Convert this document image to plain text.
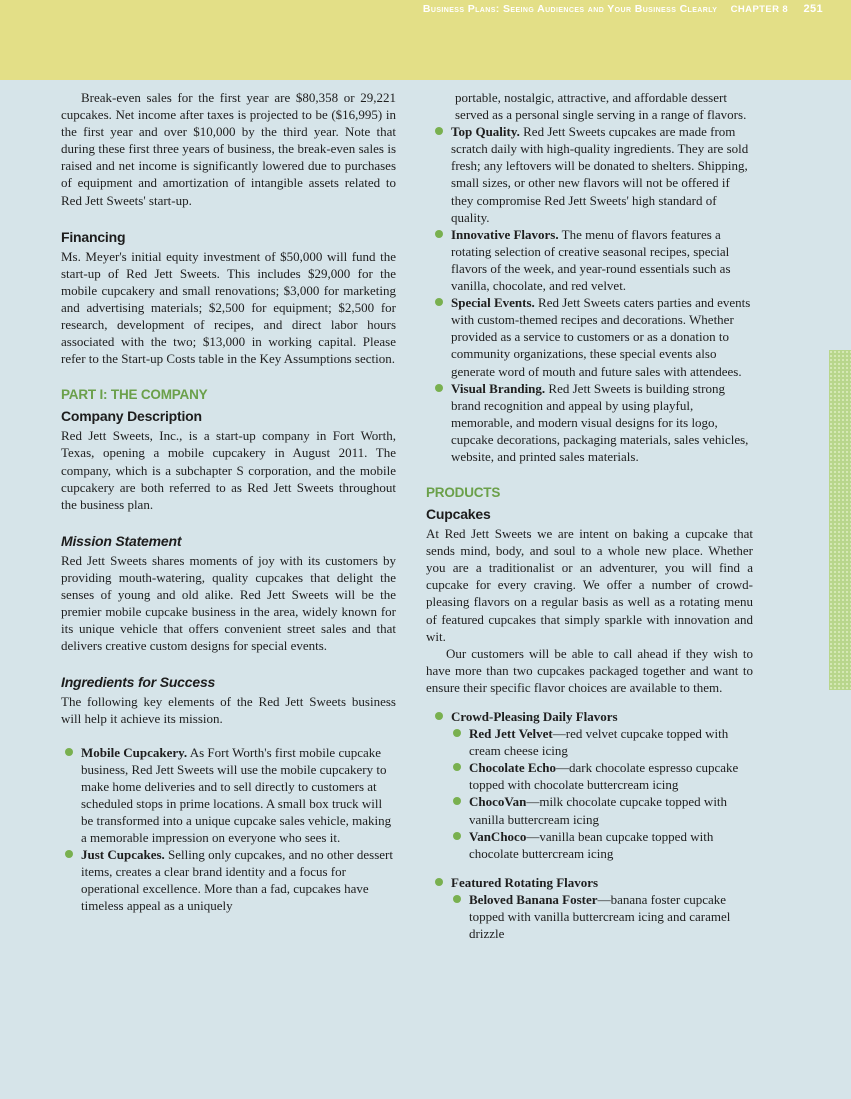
Business Plans: Seeing Audiences and Your Business Clearly CHAPTER 8 251

Break-even sales for the first year are $80,358 or 29,221 cupcakes. Net income after taxes is projected to be ($16,995) in the first year and over $10,000 by the third year. Note that during these first three years of business, the break-even sales is raised and net income is significantly lowered due to purchases of equipment and amortization of intangible assets related to Red Jett Sweets' start-up.

Financing

Ms. Meyer's initial equity investment of $50,000 will fund the start-up of Red Jett Sweets. This includes $29,000 for the mobile cupcakery and small renovations; $3,000 for marketing and advertising materials; $2,500 for equipment; $2,500 for research, development of recipes, and direct labor hours associated with the two; $13,000 in working capital. Please refer to the Start-up Costs table in the Key Assumptions section.

PART I: THE COMPANY
Company Description

Red Jett Sweets, Inc., is a start-up company in Fort Worth, Texas, opening a mobile cupcakery in August 2011. The company, which is a subchapter S corporation, and the mobile cupcakery are both referred to as Red Jett Sweets throughout the business plan.

Mission Statement

Red Jett Sweets shares moments of joy with its customers by providing mouth-watering, quality cupcakes that delight the senses of young and old alike. Red Jett Sweets will be the premier mobile cupcake business in the area, widely known for its unique vehicle that offers convenient street sales and that delivers creative custom designs for special events.

Ingredients for Success

The following key elements of the Red Jett Sweets business will help it achieve its mission.

Mobile Cupcakery. As Fort Worth's first mobile cupcake business, Red Jett Sweets will use the mobile cupcakery to make home deliveries and to sell directly to customers at scheduled stops in prime locations. A small box truck will be transformed into a unique cupcake sales vehicle, making a memorable impression on everyone who sees it.
Just Cupcakes. Selling only cupcakes, and no other dessert items, creates a clear brand identity and a focus for operational excellence. More than a fad, cupcakes have timeless appeal as a uniquely

portable, nostalgic, attractive, and affordable dessert served as a personal single serving in a range of flavors.

Top Quality. Red Jett Sweets cupcakes are made from scratch daily with high-quality ingredients. They are sold fresh; any leftovers will be donated to shelters. Shipping, small sizes, or other new flavors will not be offered if they compromise Red Jett Sweets' high standard of quality.
Innovative Flavors. The menu of flavors features a rotating selection of creative seasonal recipes, special flavors of the week, and year-round essentials such as vanilla, chocolate, and red velvet.
Special Events. Red Jett Sweets caters parties and events with custom-themed recipes and decorations. Whether provided as a service to customers or as a donation to community organizations, these special events also generate word of mouth and future sales with attendees.
Visual Branding. Red Jett Sweets is building strong brand recognition and appeal by using playful, memorable, and modern visual designs for its logo, cupcake decorations, packaging materials, sales vehicles, website, and printed sales materials.
PRODUCTS
Cupcakes

At Red Jett Sweets we are intent on baking a cupcake that sends mind, body, and soul to a whole new place. Whether you are a traditionalist or an adventurer, you will find a cupcake for every craving. We offer a number of crowd-pleasing flavors on a regular basis as well as a rotating menu of featured cupcakes that simply sparkle with innovation and wit.

Our customers will be able to call ahead if they wish to have more than two cupcakes packaged together and want to ensure their specific flavor choices are available to them.

Crowd-Pleasing Daily Flavors
Red Jett Velvet—red velvet cupcake topped with cream cheese icing
Chocolate Echo—dark chocolate espresso cupcake topped with chocolate buttercream icing
ChocoVan—milk chocolate cupcake topped with vanilla buttercream icing
VanChoco—vanilla bean cupcake topped with chocolate buttercream icing
Featured Rotating Flavors
Beloved Banana Foster—banana foster cupcake topped with vanilla buttercream icing and caramel drizzle
